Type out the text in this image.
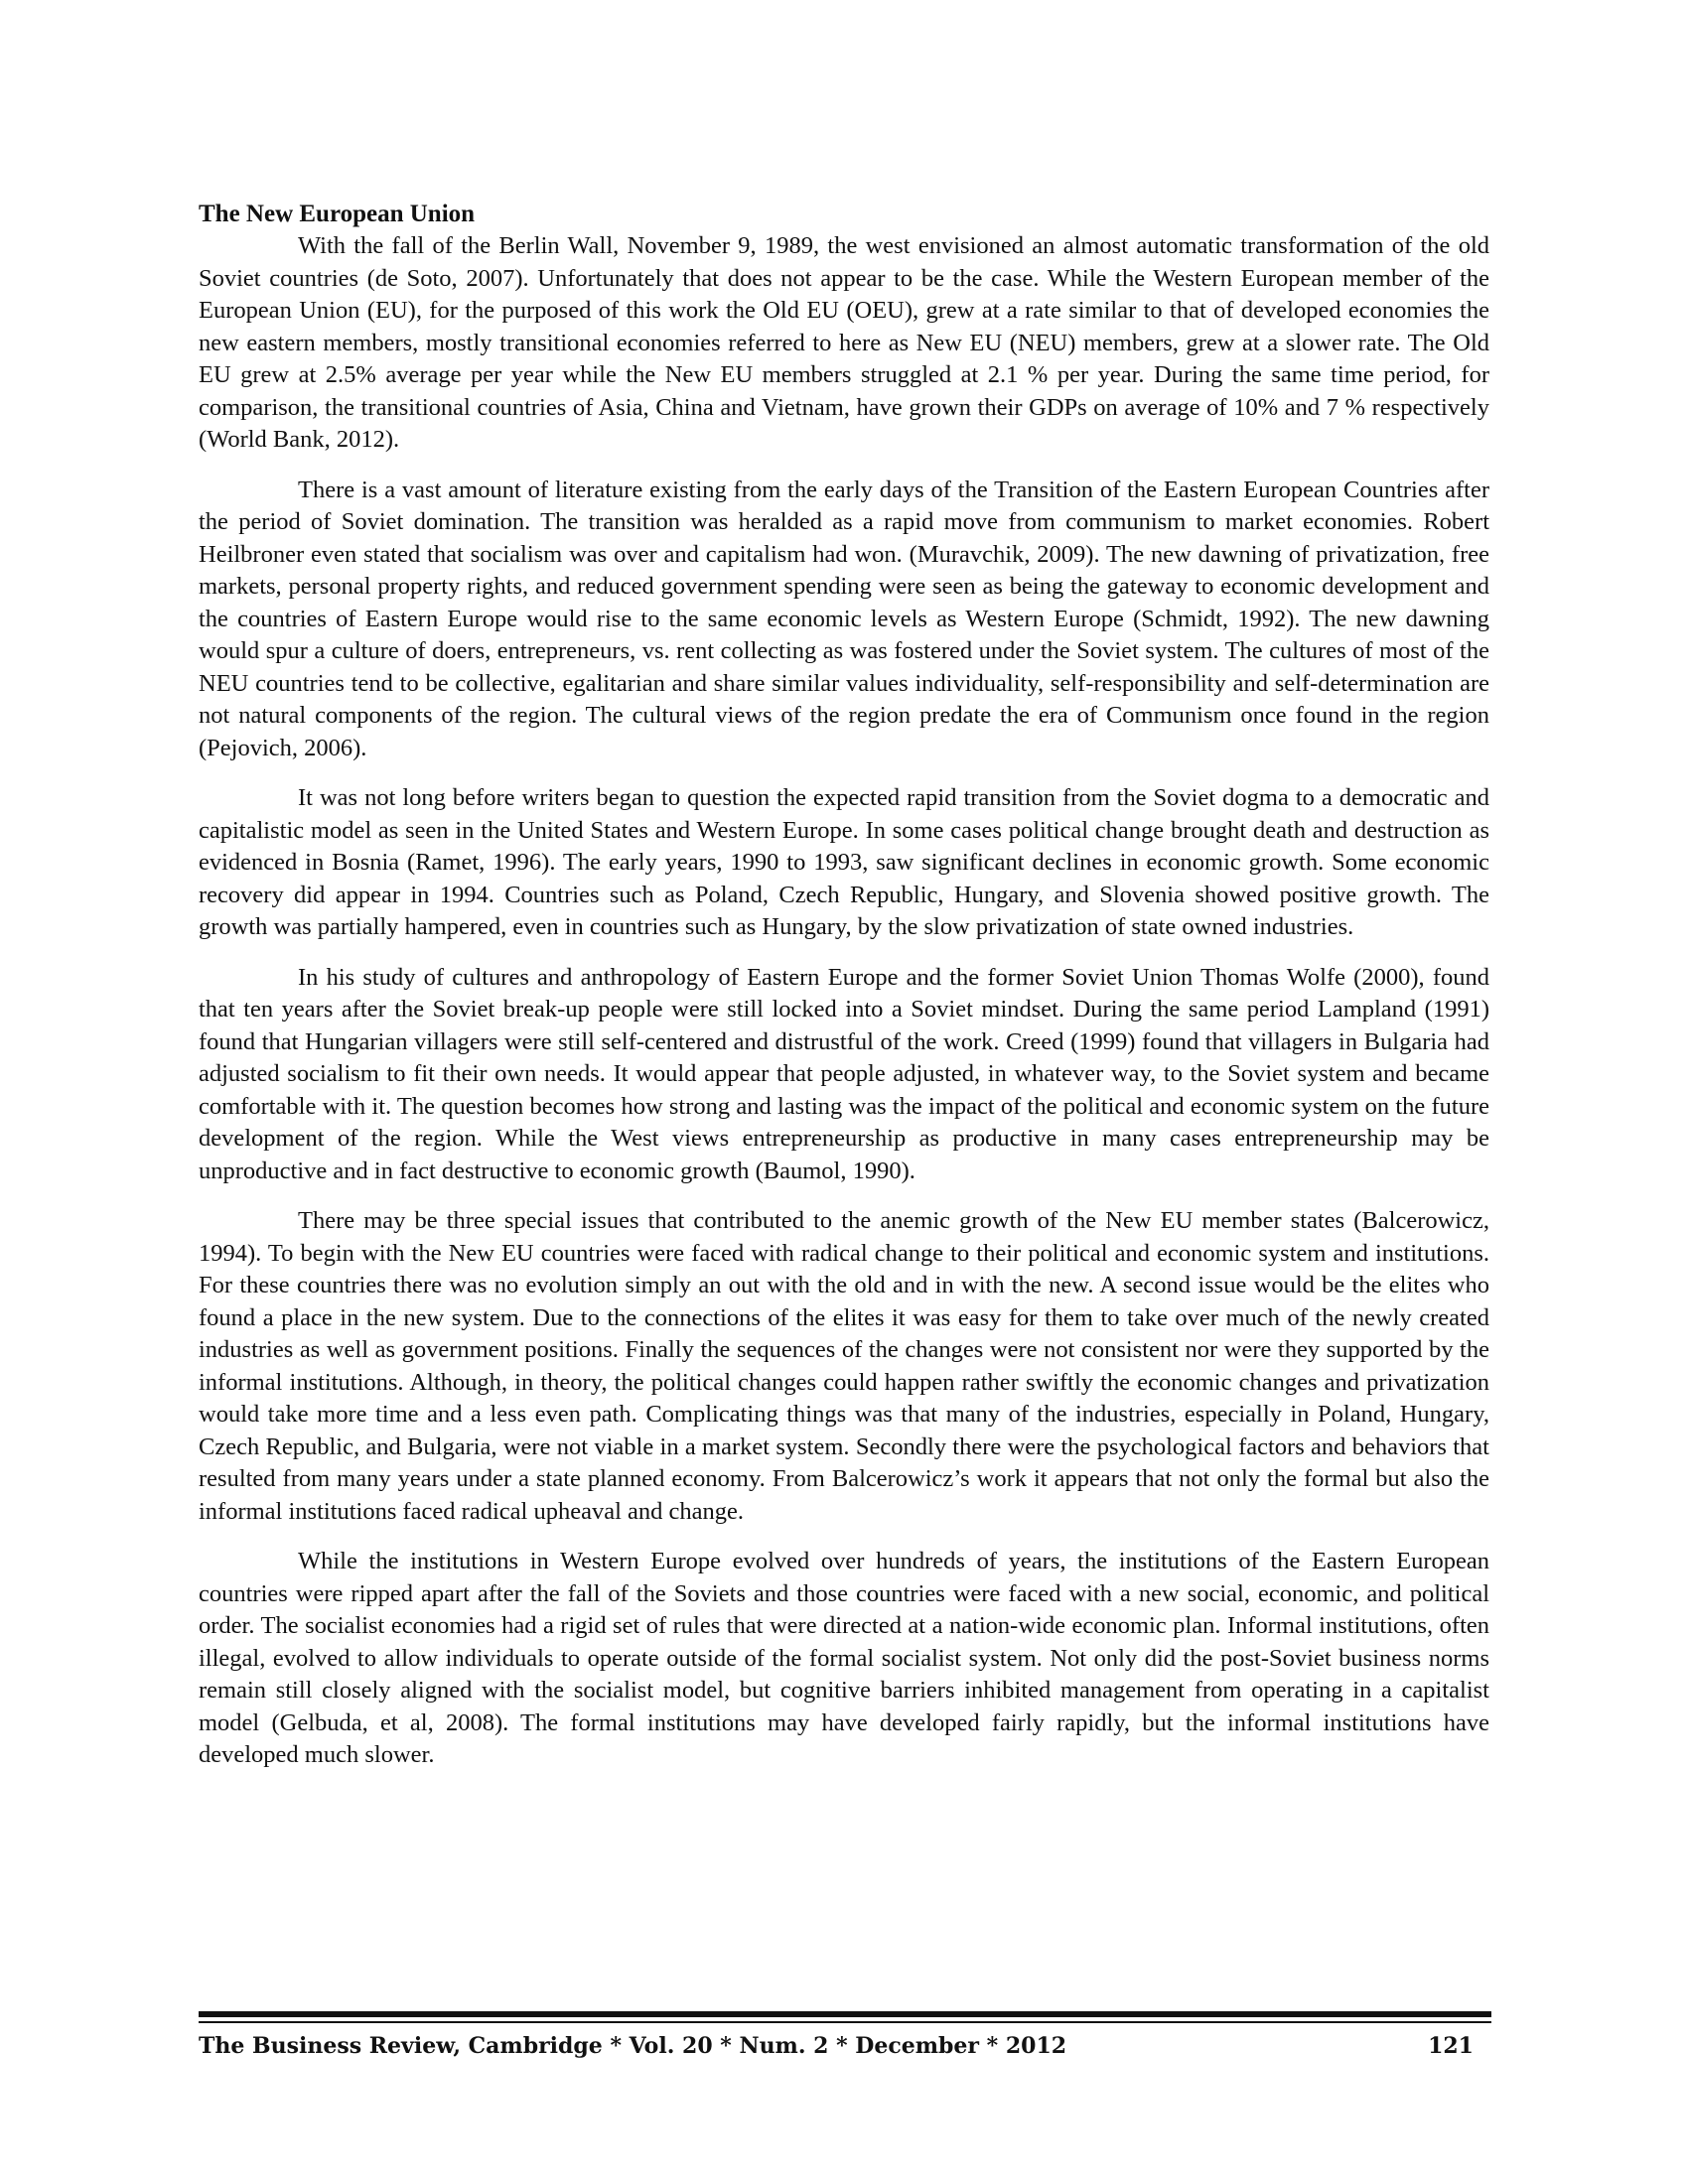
The New European Union

With the fall of the Berlin Wall, November 9, 1989, the west envisioned an almost automatic transformation of the old Soviet countries (de Soto, 2007). Unfortunately that does not appear to be the case. While the Western European member of the European Union (EU), for the purposed of this work the Old EU (OEU), grew at a rate similar to that of developed economies the new eastern members, mostly transitional economies referred to here as New EU (NEU) members, grew at a slower rate. The Old EU grew at 2.5% average per year while the New EU members struggled at 2.1 % per year. During the same time period, for comparison, the transitional countries of Asia, China and Vietnam, have grown their GDPs on average of 10% and 7 % respectively (World Bank, 2012).

There is a vast amount of literature existing from the early days of the Transition of the Eastern European Countries after the period of Soviet domination. The transition was heralded as a rapid move from communism to market economies. Robert Heilbroner even stated that socialism was over and capitalism had won. (Muravchik, 2009). The new dawning of privatization, free markets, personal property rights, and reduced government spending were seen as being the gateway to economic development and the countries of Eastern Europe would rise to the same economic levels as Western Europe (Schmidt, 1992). The new dawning would spur a culture of doers, entrepreneurs, vs. rent collecting as was fostered under the Soviet system. The cultures of most of the NEU countries tend to be collective, egalitarian and share similar values individuality, self-responsibility and self-determination are not natural components of the region. The cultural views of the region predate the era of Communism once found in the region (Pejovich, 2006).

It was not long before writers began to question the expected rapid transition from the Soviet dogma to a democratic and capitalistic model as seen in the United States and Western Europe. In some cases political change brought death and destruction as evidenced in Bosnia (Ramet, 1996). The early years, 1990 to 1993, saw significant declines in economic growth. Some economic recovery did appear in 1994. Countries such as Poland, Czech Republic, Hungary, and Slovenia showed positive growth. The growth was partially hampered, even in countries such as Hungary, by the slow privatization of state owned industries.

In his study of cultures and anthropology of Eastern Europe and the former Soviet Union Thomas Wolfe (2000), found that ten years after the Soviet break-up people were still locked into a Soviet mindset. During the same period Lampland (1991) found that Hungarian villagers were still self-centered and distrustful of the work. Creed (1999) found that villagers in Bulgaria had adjusted socialism to fit their own needs. It would appear that people adjusted, in whatever way, to the Soviet system and became comfortable with it. The question becomes how strong and lasting was the impact of the political and economic system on the future development of the region. While the West views entrepreneurship as productive in many cases entrepreneurship may be unproductive and in fact destructive to economic growth (Baumol, 1990).

There may be three special issues that contributed to the anemic growth of the New EU member states (Balcerowicz, 1994). To begin with the New EU countries were faced with radical change to their political and economic system and institutions. For these countries there was no evolution simply an out with the old and in with the new. A second issue would be the elites who found a place in the new system. Due to the connections of the elites it was easy for them to take over much of the newly created industries as well as government positions. Finally the sequences of the changes were not consistent nor were they supported by the informal institutions. Although, in theory, the political changes could happen rather swiftly the economic changes and privatization would take more time and a less even path. Complicating things was that many of the industries, especially in Poland, Hungary, Czech Republic, and Bulgaria, were not viable in a market system. Secondly there were the psychological factors and behaviors that resulted from many years under a state planned economy. From Balcerowicz’s work it appears that not only the formal but also the informal institutions faced radical upheaval and change.

While the institutions in Western Europe evolved over hundreds of years, the institutions of the Eastern European countries were ripped apart after the fall of the Soviets and those countries were faced with a new social, economic, and political order. The socialist economies had a rigid set of rules that were directed at a nation-wide economic plan. Informal institutions, often illegal, evolved to allow individuals to operate outside of the formal socialist system. Not only did the post-Soviet business norms remain still closely aligned with the socialist model, but cognitive barriers inhibited management from operating in a capitalist model (Gelbuda, et al, 2008). The formal institutions may have developed fairly rapidly, but the informal institutions have developed much slower.

The Business Review, Cambridge * Vol. 20 * Num. 2 * December * 2012	121
